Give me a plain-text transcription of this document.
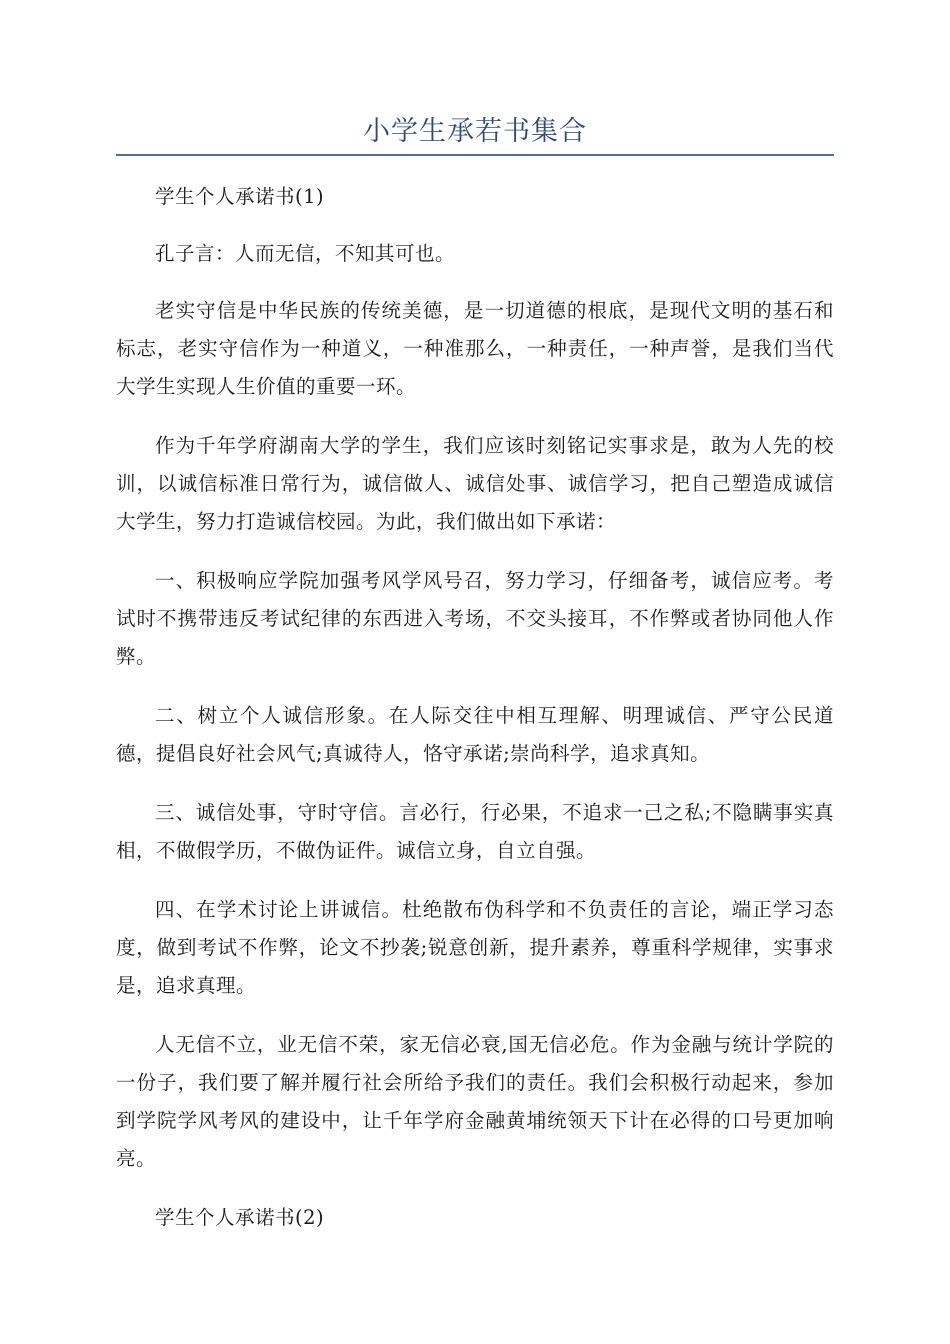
小学生承若书集合

学生个人承诺书(1)

孔子言：人而无信，不知其可也。

老实守信是中华民族的传统美德，是一切道德的根底，是现代文明的基石和标志，老实守信作为一种道义，一种准那么，一种责任，一种声誉，是我们当代大学生实现人生价值的重要一环。

作为千年学府湖南大学的学生，我们应该时刻铭记实事求是，敢为人先的校训，以诚信标准日常行为，诚信做人、诚信处事、诚信学习，把自己塑造成诚信大学生，努力打造诚信校园。为此，我们做出如下承诺：

一、积极响应学院加强考风学风号召，努力学习，仔细备考，诚信应考。考试时不携带违反考试纪律的东西进入考场，不交头接耳，不作弊或者协同他人作弊。

二、树立个人诚信形象。在人际交往中相互理解、明理诚信、严守公民道德，提倡良好社会风气;真诚待人，恪守承诺;崇尚科学，追求真知。

三、诚信处事，守时守信。言必行，行必果，不追求一己之私;不隐瞒事实真相，不做假学历，不做伪证件。诚信立身，自立自强。

四、在学术讨论上讲诚信。杜绝散布伪科学和不负责任的言论，端正学习态度，做到考试不作弊，论文不抄袭;锐意创新，提升素养，尊重科学规律，实事求是，追求真理。

人无信不立，业无信不荣，家无信必衰,国无信必危。作为金融与统计学院的一份子，我们要了解并履行社会所给予我们的责任。我们会积极行动起来，参加到学院学风考风的建设中，让千年学府金融黄埔统领天下计在必得的口号更加响亮。

学生个人承诺书(2)
